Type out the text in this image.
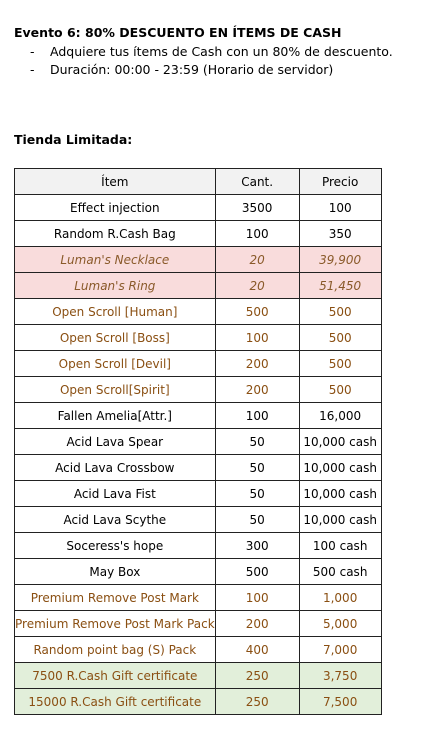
Evento 6: 80% DESCUENTO EN ÍTEMS DE CASH
-	Adquiere tus ítems de Cash con un 80% de descuento.
-	Duración: 00:00 - 23:59 (Horario de servidor)
Tienda Limitada:
Ítem	Cant.	Precio
Effect injection	3500	100
Random R.Cash Bag	100	350
Luman's Necklace	20	39,900
Luman's Ring	20	51,450
Open Scroll [Human]	500	500
Open Scroll [Boss]	100	500
Open Scroll [Devil]	200	500
Open Scroll[Spirit]	200	500
Fallen Amelia[Attr.]	100	16,000
Acid Lava Spear	50	10,000 cash
Acid Lava Crossbow	50	10,000 cash
Acid Lava Fist	50	10,000 cash
Acid Lava Scythe	50	10,000 cash
Soceress's hope	300	100 cash
May Box	500	500 cash
Premium Remove Post Mark	100	1,000
Premium Remove Post Mark Pack	200	5,000
Random point bag (S) Pack	400	7,000
7500 R.Cash Gift certificate	250	3,750
15000 R.Cash Gift certificate	250	7,500
